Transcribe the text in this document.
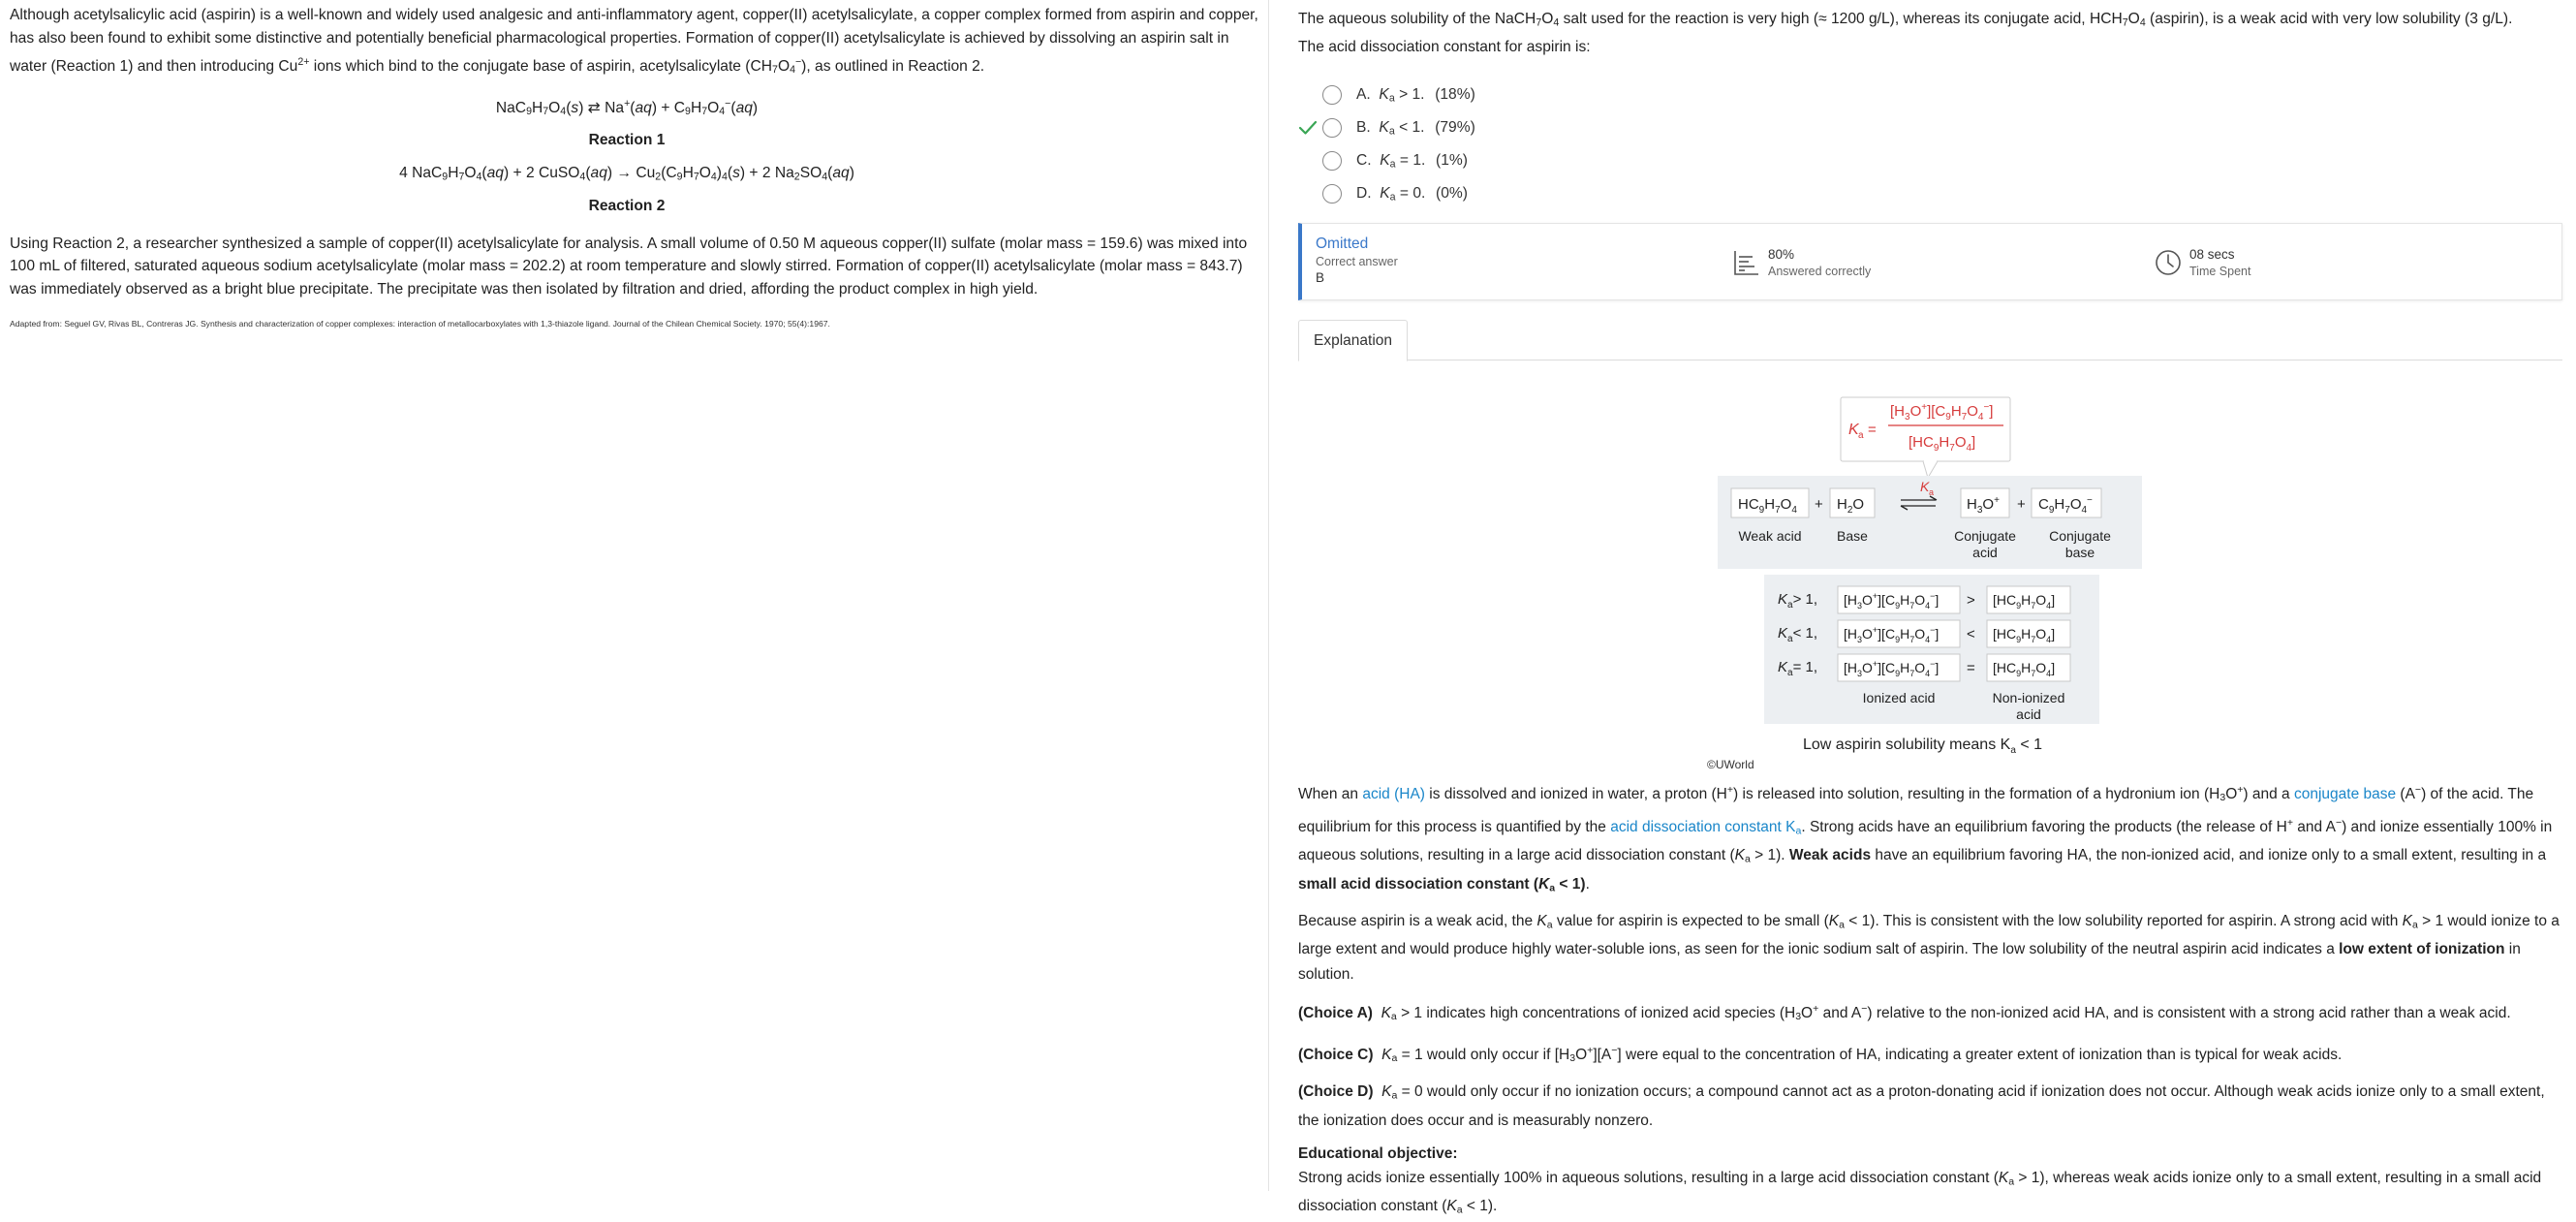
Although acetylsalicylic acid (aspirin) is a well-known and widely used analgesic and anti-inflammatory agent, copper(II) acetylsalicylate, a copper complex formed from aspirin and copper, has also been found to exhibit some distinctive and potentially beneficial pharmacological properties. Formation of copper(II) acetylsalicylate is achieved by dissolving an aspirin salt in water (Reaction 1) and then introducing $Cu^{2+}$ ions which bind to the conjugate base of aspirin, acetylsalicylate $(CH_7O_4^-)$, as outlined in Reaction 2.

$NaC_9H_7O_4(s)$ ⇄ $Na^+(aq) + C_9H_7O_4^-(aq)$
Reaction 1
4 $NaC_9H_7O_4(aq) + 2$ CuSO$_4$(aq) → $Cu_2(C_9H_7O_4)_4(s) + 2$ $Na_2SO_4(aq)$
Reaction 2

Using Reaction 2, a researcher synthesized a sample of copper(II) acetylsalicylate for analysis. A small volume of 0.50 M aqueous copper(II) sulfate (molar mass = 159.6) was mixed into 100 mL of filtered, saturated aqueous sodium acetylsalicylate (molar mass = 202.2) at room temperature and slowly stirred. Formation of copper(II) acetylsalicylate (molar mass = 843.7) was immediately observed as a bright blue precipitate. The precipitate was then isolated by filtration and dried, affording the product complex in high yield.

Adapted from: Seguel GV, Rivas BL, Contreras JG. Synthesis and characterization of copper complexes: interaction of metallocarboxylates with 1,3-thiazole ligand. Journal of the Chilean Chemical Society. 1970; 55(4):1967.

The aqueous solubility of the $NaCH_7O_4$ salt used for the reaction is very high (≈ 1200 g/L), whereas its conjugate acid, $HCH_7O_4$ (aspirin), is a weak acid with very low solubility (3 g/L).
The acid dissociation constant for aspirin is:

A. $K_a > 1$. (18%)
B. $K_a < 1$. (79%)
C. $K_a = 1$. (1%)
D. $K_a = 0$. (0%)
Omitted
Correct answer
B
80%
Answered correctly
08 secs
Time Spent
Explanation
K a =
$[H_3O^+][C_9H_7O_4^-]$
$[HC_9H_7O_4]$
$HC_9H_7O_4 + H_2O$
K a
$H_3O^+ + C_9H_7O_4^-$
Weak acid	Base	Conjugate
acid
Conjugate
base
$K_a> 1$, $[H_3O^+][C_9H_7O_4^-] > [HC_9H_7O_4]$
$K_a< 1$, $[H_3O^+][C_9H_7O_4^-] < [HC_9H_7O_4]$
$K_a= 1$, $[H_3O^+][C_9H_7O_4^-] = [HC_9H_7O_4]$
Ionized acid	Non-ionized
acid
Low aspirin solubility means $K_a < 1$
©UWorld

When an acid (HA) is dissolved and ionized in water, a proton (H+) is released into solution, resulting in the formation of a hydronium ion $(H_3O^+)$ and a conjugate base (A−) of the acid. The equilibrium for this process is quantified by the acid dissociation constant $K_a$. Strong acids have an equilibrium favoring the products (the release of H+ and A−) and ionize essentially 100% in aqueous solutions, resulting in a large acid dissociation constant $(K_a > 1)$. Weak acids have an equilibrium favoring HA, the non-ionized acid, and ionize only to a small extent, resulting in a small acid dissociation constant $(K_a < 1)$.

Because aspirin is a weak acid, the $K_a$ value for aspirin is expected to be small $(K_a < 1)$. This is consistent with the low solubility reported for aspirin. A strong acid with $K_a > 1$ would ionize to a large extent and would produce highly water-soluble ions, as seen for the ionic sodium salt of aspirin. The low solubility of the neutral aspirin acid indicates a low extent of ionization in solution.

(Choice A) $K_a > 1$ indicates high concentrations of ionized acid species ($H_3O^+$ and A−) relative to the non-ionized acid HA, and is consistent with a strong acid rather than a weak acid.

(Choice C) $K_a = 1$ would only occur if $[H_3O^+][A^-]$ were equal to the concentration of HA, indicating a greater extent of ionization than is typical for weak acids.

(Choice D) $K_a = 0$ would only occur if no ionization occurs; a compound cannot act as a proton-donating acid if ionization does not occur. Although weak acids ionize only to a small extent, the ionization does occur and is measurably nonzero.

Educational objective:

Strong acids ionize essentially 100% in aqueous solutions, resulting in a large acid dissociation constant $(K_a > 1)$, whereas weak acids ionize only to a small extent, resulting in a small acid dissociation constant $(K_a < 1)$.
